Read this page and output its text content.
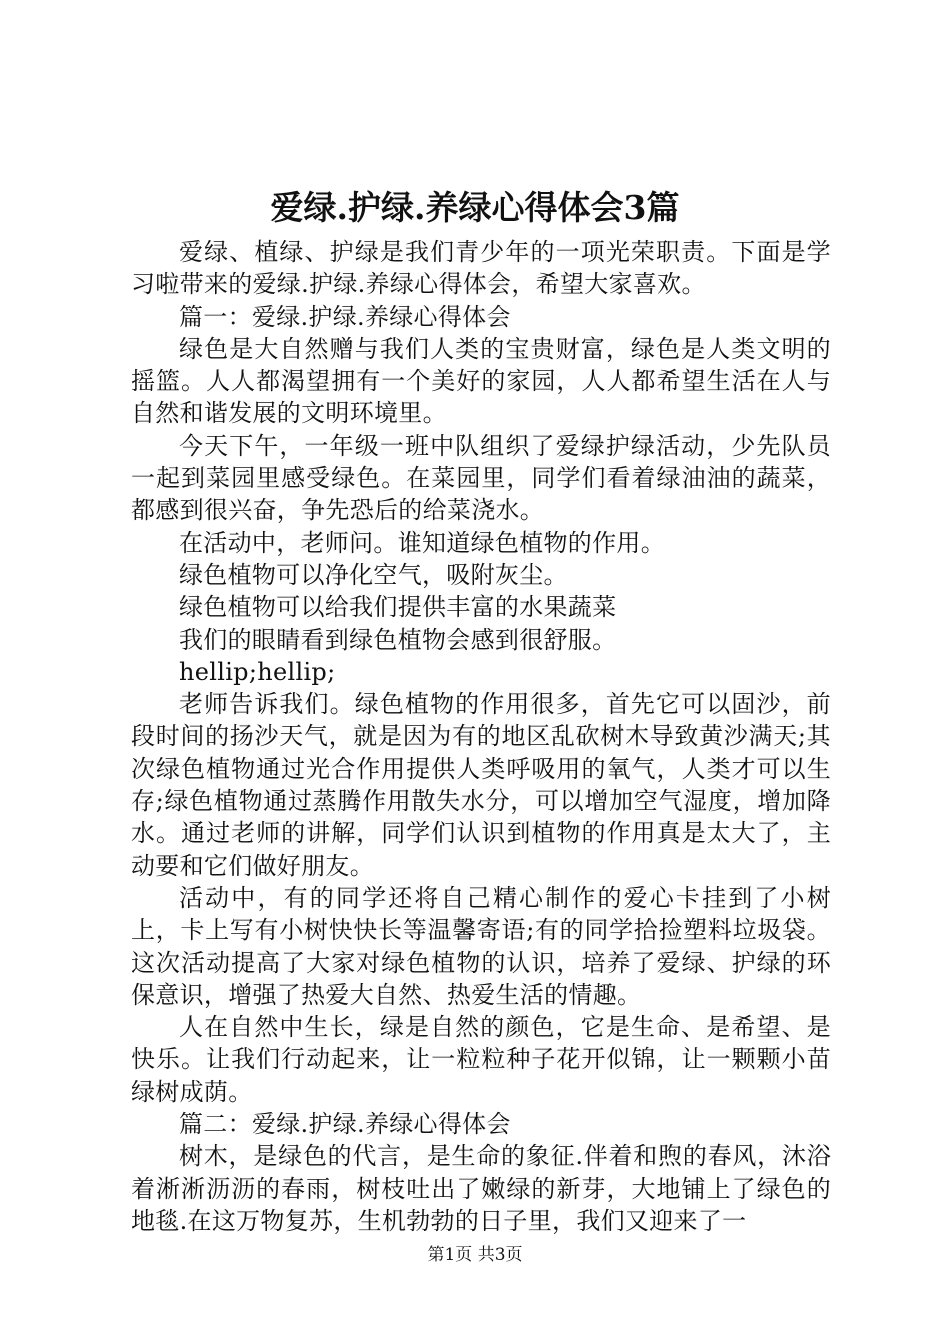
爱绿.护绿.养绿心得体会3篇

爱绿、植绿、护绿是我们青少年的一项光荣职责。下面是学习啦带来的爱绿.护绿.养绿心得体会，希望大家喜欢。

篇一：爱绿.护绿.养绿心得体会

绿色是大自然赠与我们人类的宝贵财富，绿色是人类文明的摇篮。人人都渴望拥有一个美好的家园，人人都希望生活在人与自然和谐发展的文明环境里。

今天下午，一年级一班中队组织了爱绿护绿活动，少先队员一起到菜园里感受绿色。在菜园里，同学们看着绿油油的蔬菜，都感到很兴奋，争先恐后的给菜浇水。

在活动中，老师问。谁知道绿色植物的作用。

绿色植物可以净化空气，吸附灰尘。

绿色植物可以给我们提供丰富的水果蔬菜

我们的眼睛看到绿色植物会感到很舒服。

hellip;hellip;

老师告诉我们。绿色植物的作用很多，首先它可以固沙，前段时间的扬沙天气，就是因为有的地区乱砍树木导致黄沙满天;其次绿色植物通过光合作用提供人类呼吸用的氧气，人类才可以生存;绿色植物通过蒸腾作用散失水分，可以增加空气湿度，增加降水。通过老师的讲解，同学们认识到植物的作用真是太大了，主动要和它们做好朋友。

活动中，有的同学还将自己精心制作的爱心卡挂到了小树上，卡上写有小树快快长等温馨寄语;有的同学拾捡塑料垃圾袋。这次活动提高了大家对绿色植物的认识，培养了爱绿、护绿的环保意识，增强了热爱大自然、热爱生活的情趣。

人在自然中生长，绿是自然的颜色，它是生命、是希望、是快乐。让我们行动起来，让一粒粒种子花开似锦，让一颗颗小苗绿树成荫。

篇二：爱绿.护绿.养绿心得体会

树木，是绿色的代言，是生命的象征.伴着和煦的春风，沐浴着淅淅沥沥的春雨，树枝吐出了嫩绿的新芽，大地铺上了绿色的地毯.在这万物复苏，生机勃勃的日子里，我们又迎来了一

第1页 共3页
